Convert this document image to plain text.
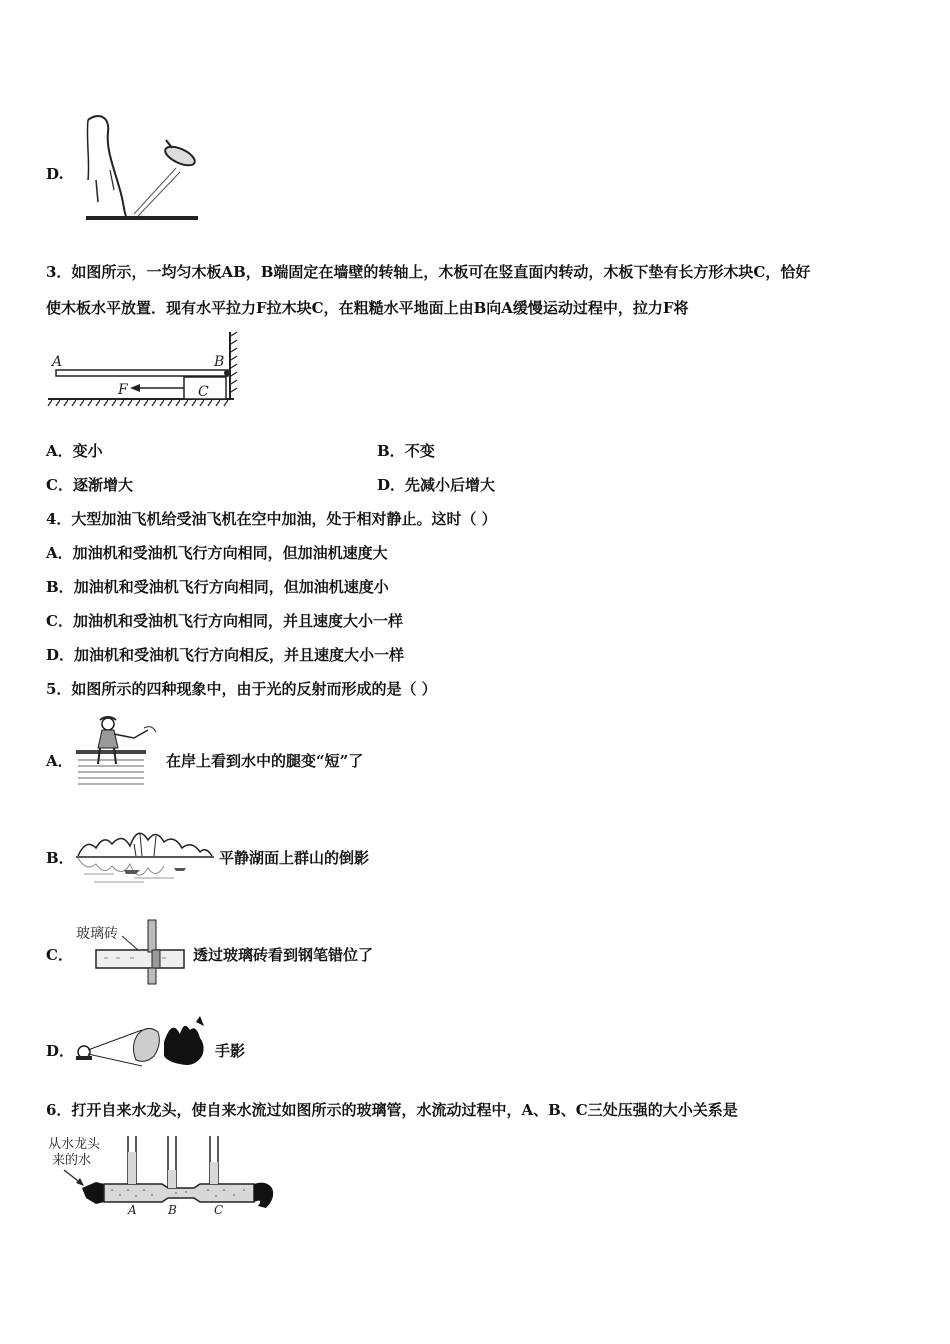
D.
3．如图所示，一均匀木板AB，B端固定在墙壁的转轴上，木板可在竖直面内转动，木板下垫有长方形木块C，恰好
使木板水平放置．现有水平拉力F拉木块C，在粗糙水平地面上由B向A缓慢运动过程中，拉力F将
A	B
F	C
A．变小	B．不变
C．逐渐增大	D．先减小后增大
4．大型加油飞机给受油飞机在空中加油，处于相对静止。这时（ ）
A．加油机和受油机飞行方向相同，但加油机速度大
B．加油机和受油机飞行方向相同，但加油机速度小
C．加油机和受油机飞行方向相同，并且速度大小一样
D．加油机和受油机飞行方向相反，并且速度大小一样
5．如图所示的四种现象中，由于光的反射而形成的是（ ）
A．	在岸上看到水中的腿变“短”了
B．	平静湖面上群山的倒影
C．
玻璃砖
透过玻璃砖看到钢笔错位了
D．	手影
6．打开自来水龙头，使自来水流过如图所示的玻璃管，水流动过程中，A、B、C三处压强的大小关系是
从水龙头
来的水
A	B	C
